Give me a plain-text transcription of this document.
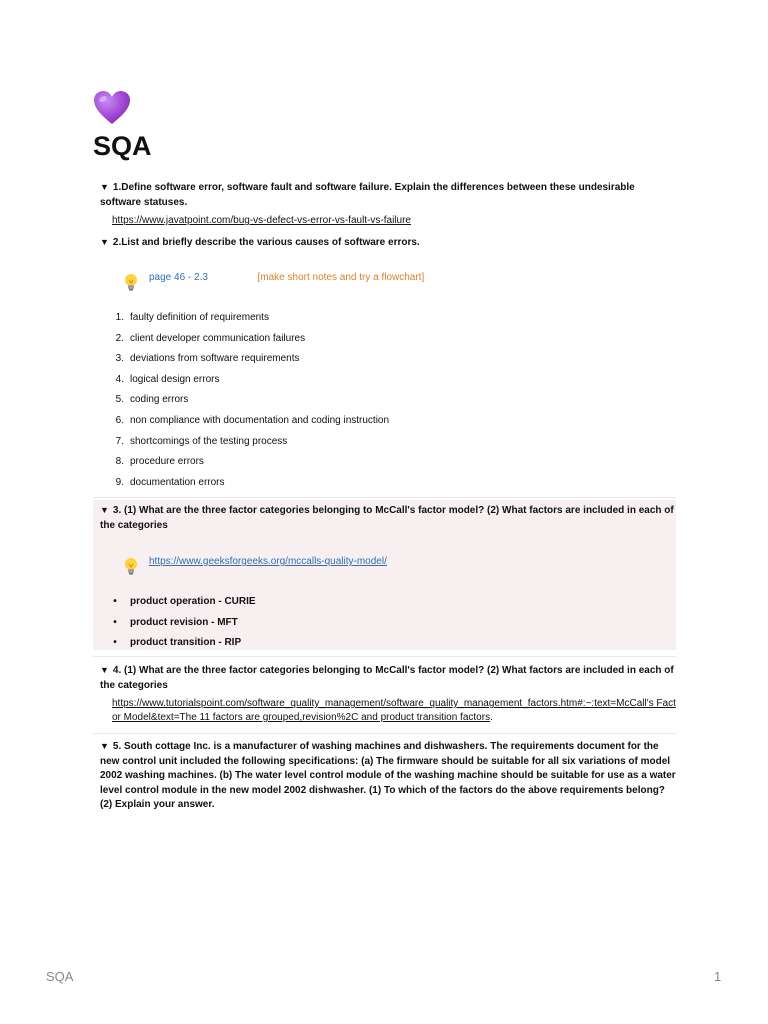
SQA
▼ 1.Define software error, software fault and software failure. Explain the differences between these undesirable software statuses.
https://www.javatpoint.com/bug-vs-defect-vs-error-vs-fault-vs-failure
▼ 2.List and briefly describe the various causes of software errors.
page 46 - 2.3	[make short notes and try a flowchart]
1. faulty definition of requirements
2. client developer communication failures
3. deviations from software requirements
4. logical design errors
5. coding errors
6. non compliance with documentation and coding instruction
7. shortcomings of the testing process
8. procedure errors
9. documentation errors
▼ 3. (1) What are the three factor categories belonging to McCall's factor model? (2) What factors are included in each of the categories
https://www.geeksforgeeks.org/mccalls-quality-model/
• product operation - CURIE
• product revision - MFT
• product transition - RIP
▼ 4. (1) What are the three factor categories belonging to McCall's factor model? (2) What factors are included in each of the categories
https://www.tutorialspoint.com/software_quality_management/software_quality_management_factors.htm#:~:text=McCall's Factor Model&text=The 11 factors are grouped,revision%2C and product transition factors.
▼ 5. South cottage Inc. is a manufacturer of washing machines and dishwashers. The requirements document for the new control unit included the following specifications: (a) The firmware should be suitable for all six variations of model 2002 washing machines. (b) The water level control module of the washing machine should be suitable for use as a water level control module in the new model 2002 dishwasher. (1) To which of the factors do the above requirements belong? (2) Explain your answer.
SQA	1
